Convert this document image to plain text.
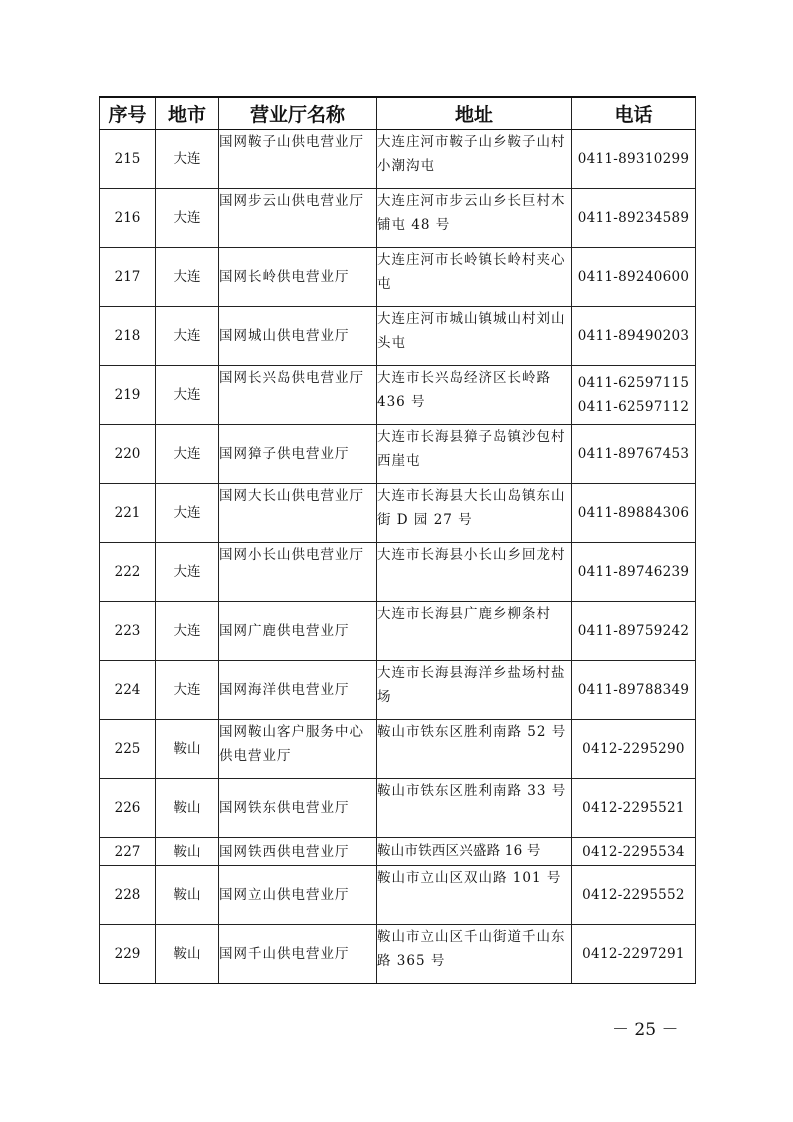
序号	地市	营业厅名称	地址	电话
215	大连	国网鞍子山供电营业厅	大连庄河市鞍子山乡鞍子山村小潮沟屯	0411-89310299

216	大连	国网步云山供电营业厅	大连庄河市步云山乡长巨村木铺屯 48 号	0411-89234589

217	大连	国网长岭供电营业厅	大连庄河市长岭镇长岭村夹心屯	0411-89240600

218	大连	国网城山供电营业厅	大连庄河市城山镇城山村刘山头屯	0411-89490203

219	大连	国网长兴岛供电营业厅	大连市长兴岛经济区长岭路 436 号	0411-62597115
0411-62597112

220	大连	国网獐子供电营业厅	大连市长海县獐子岛镇沙包村西崖屯	0411-89767453

221	大连	国网大长山供电营业厅	大连市长海县大长山岛镇东山街 D 园 27 号	0411-89884306

222	大连	国网小长山供电营业厅	大连市长海县小长山乡回龙村	0411-89746239

223	大连	国网广鹿供电营业厅	大连市长海县广鹿乡柳条村	0411-89759242

224	大连	国网海洋供电营业厅	大连市长海县海洋乡盐场村盐场	0411-89788349

225	鞍山	国网鞍山客户服务中心供电营业厅	鞍山市铁东区胜利南路 52 号	0412-2295290

226	鞍山	国网铁东供电营业厅	鞍山市铁东区胜利南路 33 号	0412-2295521

227	鞍山	国网铁西供电营业厅	鞍山市铁西区兴盛路 16 号	0412-2295534

228	鞍山	国网立山供电营业厅	鞍山市立山区双山路 101 号	0412-2295552

229	鞍山	国网千山供电营业厅	鞍山市立山区千山街道千山东路 365 号	0412-2297291
－ 25 －
